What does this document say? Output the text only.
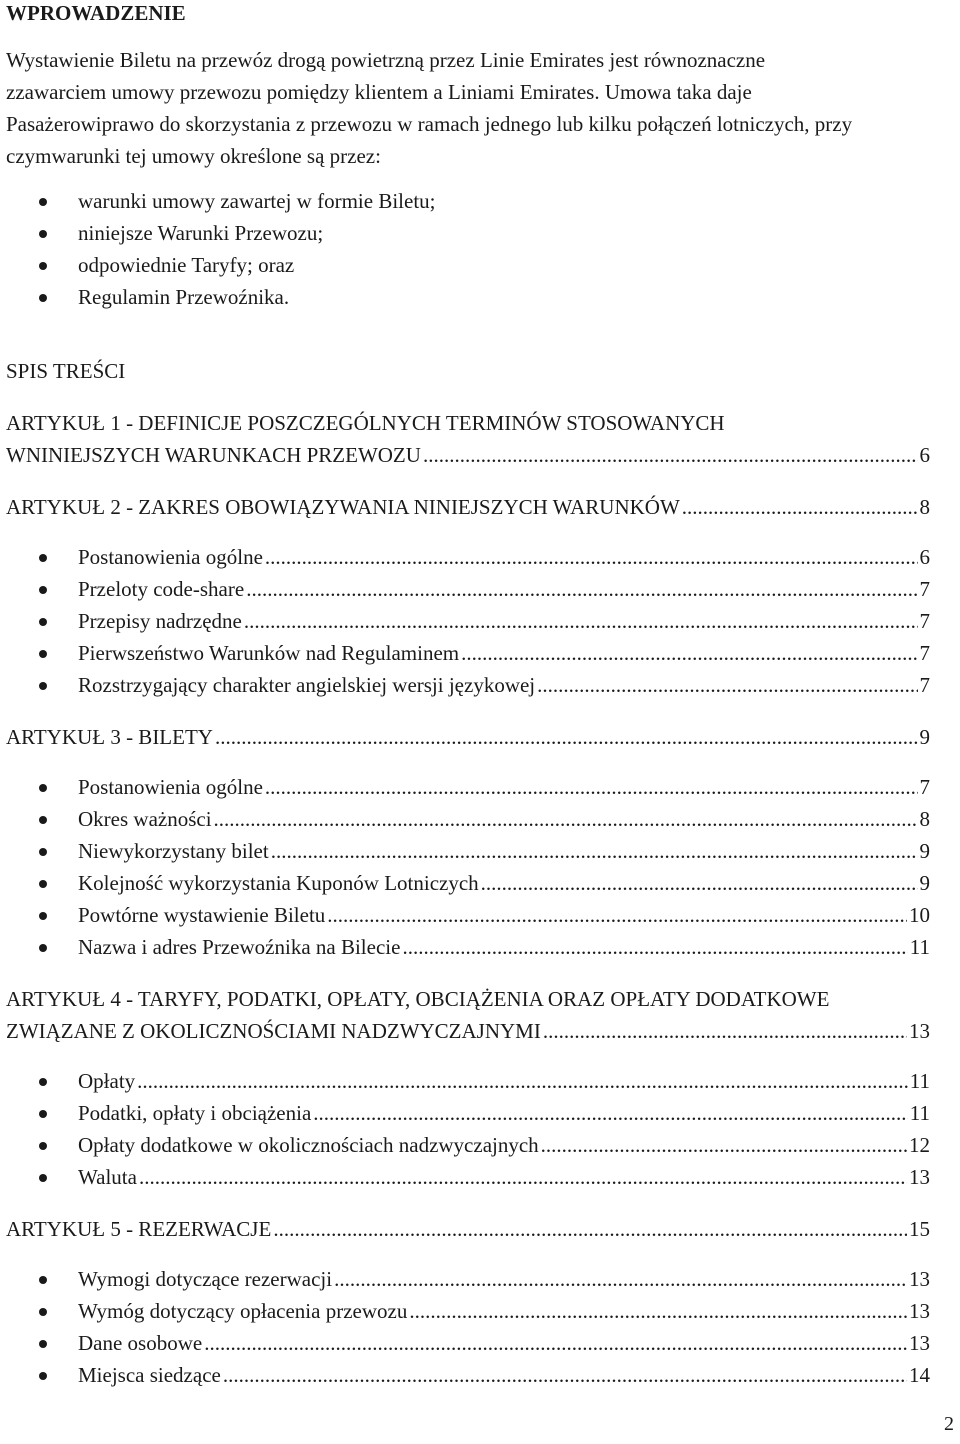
WPROWADZENIE
Wystawienie Biletu na przewóz drogą powietrzną przez Linie Emirates jest równoznaczne
zzawarciem umowy przewozu pomiędzy klientem a Liniami Emirates. Umowa taka daje
Pasażerowiprawo do skorzystania z przewozu w ramach jednego lub kilku połączeń lotniczych, przy
czymwarunki tej umowy określone są przez:
warunki umowy zawartej w formie Biletu;
niniejsze Warunki Przewozu;
odpowiednie Taryfy; oraz
Regulamin Przewoźnika.
SPIS TREŚCI
ARTYKUŁ 1 - DEFINICJE POSZCZEGÓLNYCH TERMINÓW STOSOWANYCH
WNINIEJSZYCH WARUNKACH PRZEWOZU .....	6
ARTYKUŁ 2 - ZAKRES OBOWIĄZYWANIA NINIEJSZYCH WARUNKÓW .....	8
Postanowienia ogólne .....	6
Przeloty code-share .....	7
Przepisy nadrzędne .....	7
Pierwszeństwo Warunków nad Regulaminem .....	7
Rozstrzygający charakter angielskiej wersji językowej .....	7
ARTYKUŁ 3 - BILETY .....	9
Postanowienia ogólne .....	7
Okres ważności .....	8
Niewykorzystany bilet .....	9
Kolejność wykorzystania Kuponów Lotniczych .....	9
Powtórne wystawienie Biletu .....	10
Nazwa i adres Przewoźnika na Bilecie .....	11
ARTYKUŁ 4 - TARYFY, PODATKI, OPŁATY, OBCIĄŻENIA ORAZ OPŁATY DODATKOWE
ZWIĄZANE Z OKOLICZNOŚCIAMI NADZWYCZAJNYMI .....	13
Opłaty .....	11
Podatki, opłaty i obciążenia .....	11
Opłaty dodatkowe w okolicznościach nadzwyczajnych .....	12
Waluta .....	13
ARTYKUŁ 5 - REZERWACJE .....	15
Wymogi dotyczące rezerwacji .....	13
Wymóg dotyczący opłacenia przewozu .....	13
Dane osobowe .....	13
Miejsca siedzące .....	14
2
